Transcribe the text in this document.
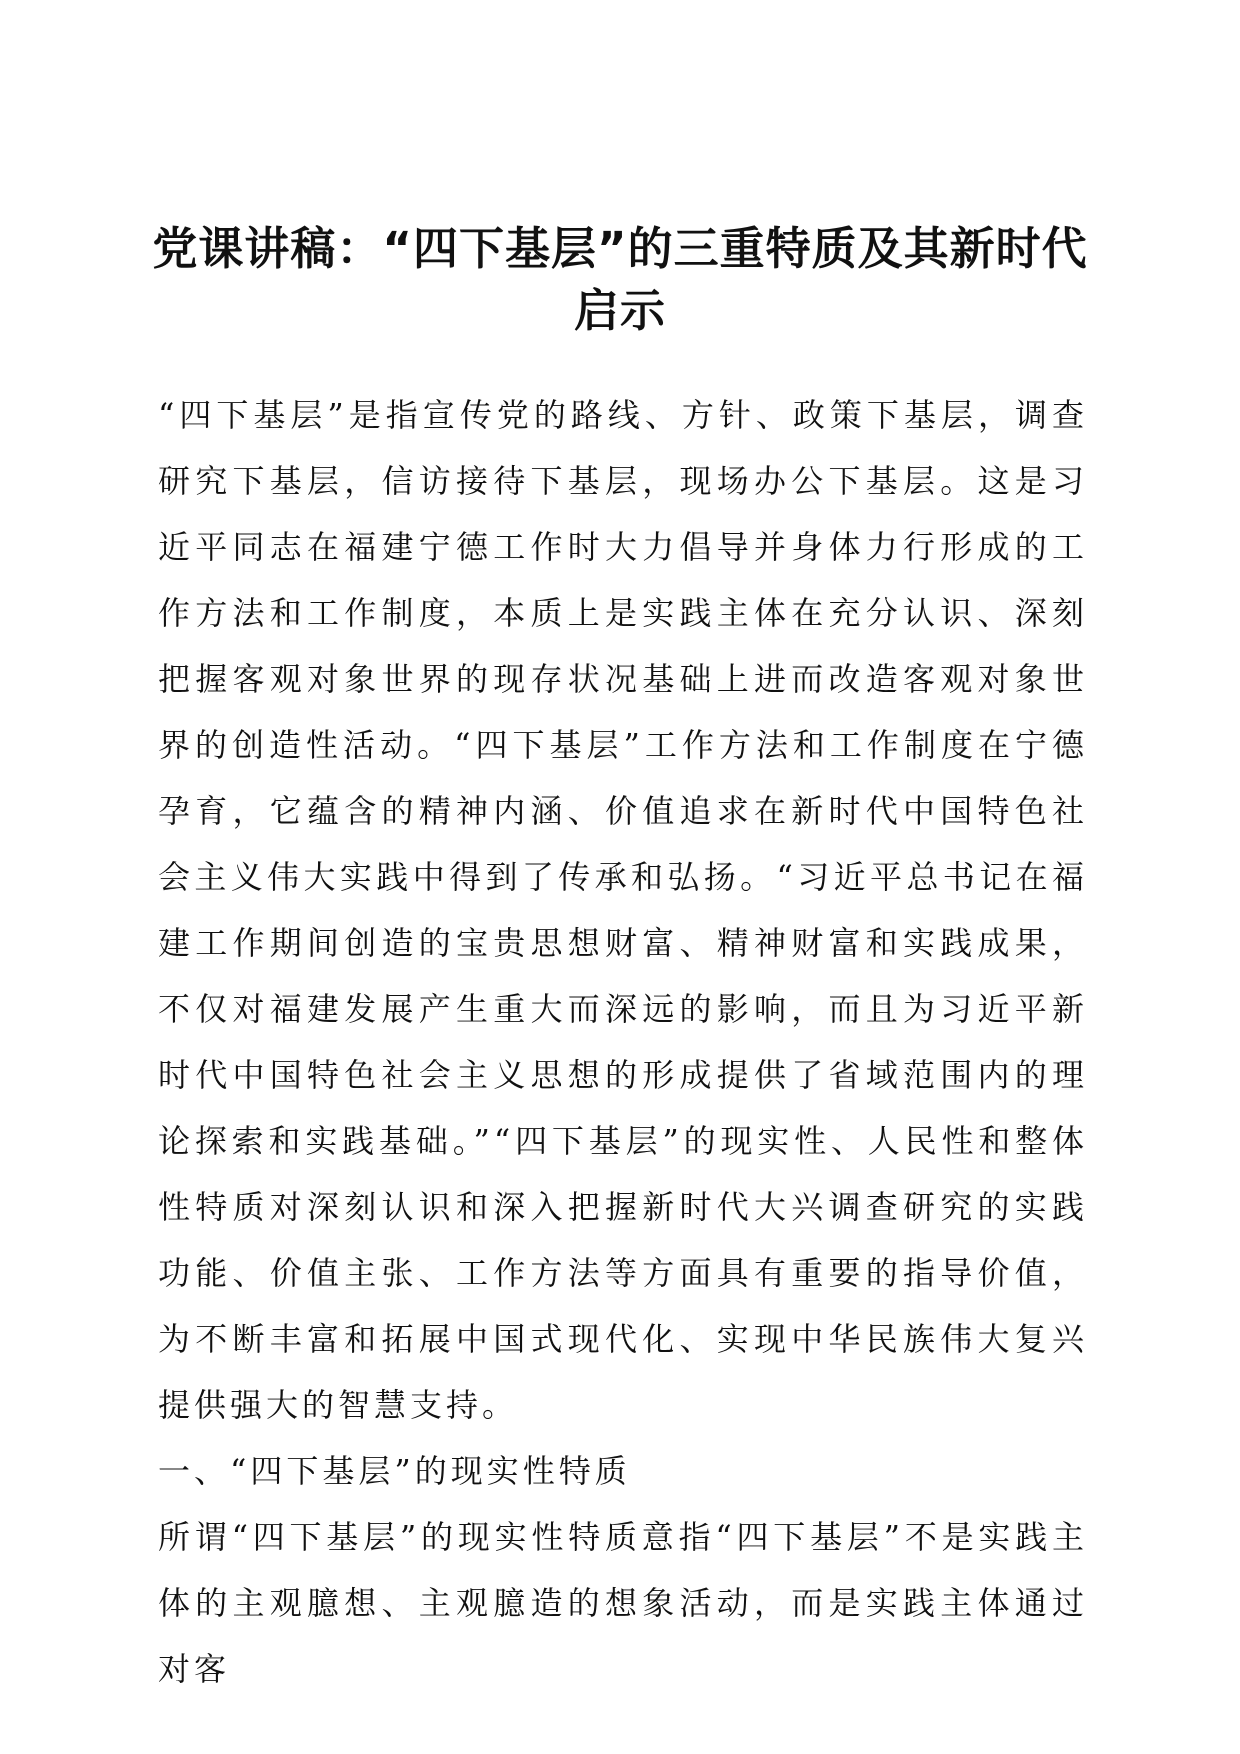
党课讲稿：“四下基层”的三重特质及其新时代启示

“四下基层”是指宣传党的路线、方针、政策下基层，调查研究下基层，信访接待下基层，现场办公下基层。这是习近平同志在福建宁德工作时大力倡导并身体力行形成的工作方法和工作制度，本质上是实践主体在充分认识、深刻把握客观对象世界的现存状况基础上进而改造客观对象世界的创造性活动。“四下基层”工作方法和工作制度在宁德孕育，它蕴含的精神内涵、价值追求在新时代中国特色社会主义伟大实践中得到了传承和弘扬。“习近平总书记在福建工作期间创造的宝贵思想财富、精神财富和实践成果，不仅对福建发展产生重大而深远的影响，而且为习近平新时代中国特色社会主义思想的形成提供了省域范围内的理论探索和实践基础。”“四下基层”的现实性、人民性和整体性特质对深刻认识和深入把握新时代大兴调查研究的实践功能、价值主张、工作方法等方面具有重要的指导价值，为不断丰富和拓展中国式现代化、实现中华民族伟大复兴提供强大的智慧支持。

一、“四下基层”的现实性特质

所谓“四下基层”的现实性特质意指“四下基层”不是实践主体的主观臆想、主观臆造的想象活动，而是实践主体通过对客
